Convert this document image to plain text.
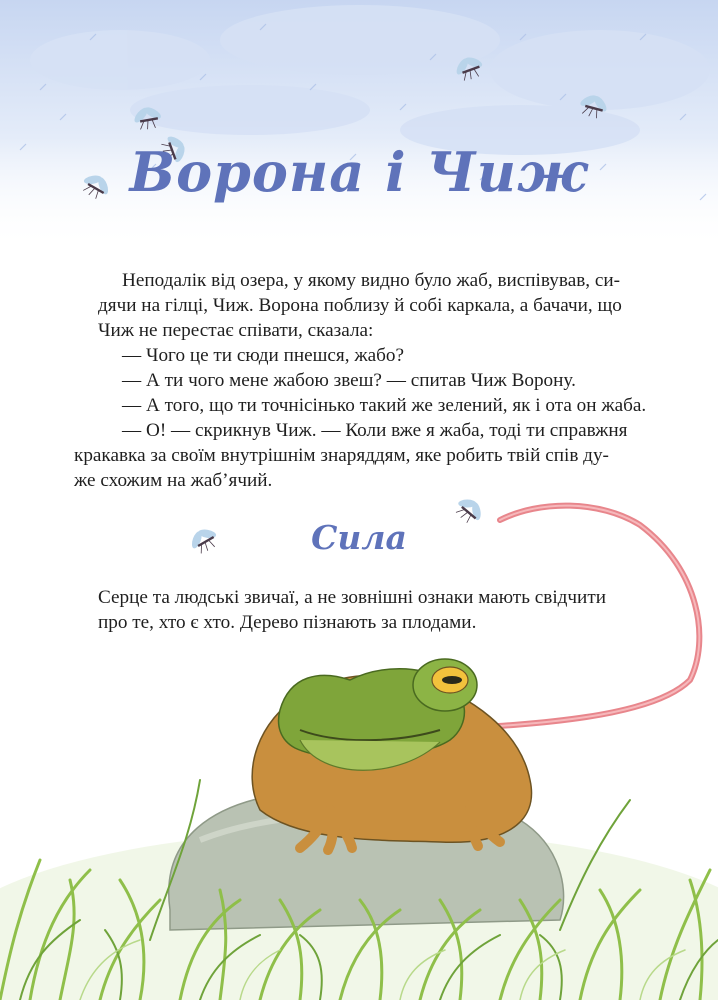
Ворона і Чиж

Неподалік від озера, у якому видно було жаб, виспівував, си-
дячи на гілці, Чиж. Ворона поблизу й собі каркала, а бачачи, що
Чиж не перестає співати, сказала:

— Чого це ти сюди пнешся, жабо?

— А ти чого мене жабою звеш? — спитав Чиж Ворону.

— А того, що ти точнісінько такий же зелений, як і ота он жаба.

— О! — скрикнув Чиж. — Коли вже я жаба, тоді ти справжня
кракавка за своїм внутрішнім знаряддям, яке робить твій спів ду-
же схожим на жаб’ячий.

Сила
Серце та людські звичаї, а не зовнішні ознаки мають свідчити
про те, хто є хто. Дерево пізнають за плодами.
